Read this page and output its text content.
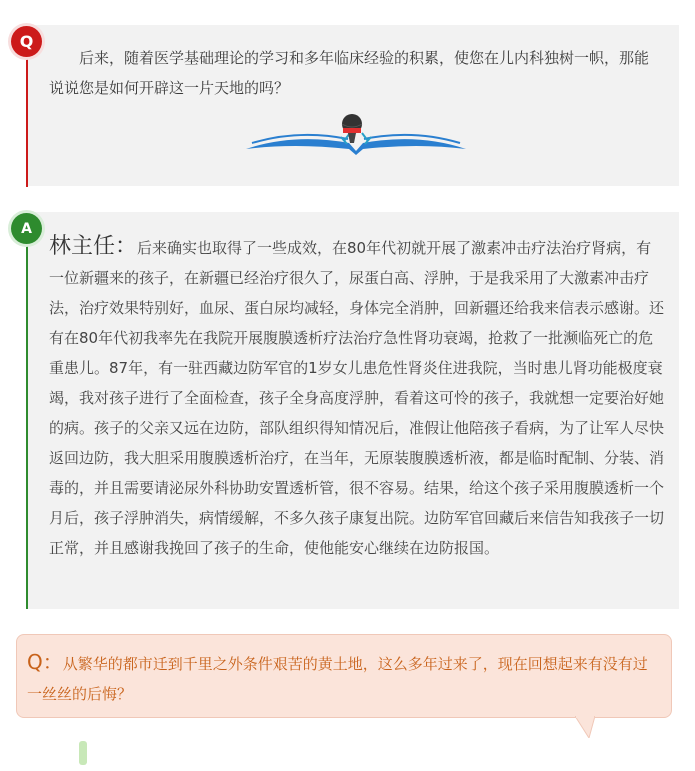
Q

后来，随着医学基础理论的学习和多年临床经验的积累，使您在儿内科独树一帜，那能说说您是如何开辟这一片天地的吗？

A

林主任：后来确实也取得了一些成效，在80年代初就开展了激素冲击疗法治疗肾病，有一位新疆来的孩子，在新疆已经治疗很久了，尿蛋白高、浮肿，于是我采用了大激素冲击疗法，治疗效果特别好，血尿、蛋白尿均减轻，身体完全消肿，回新疆还给我来信表示感谢。还有在80年代初我率先在我院开展腹膜透析疗法治疗急性肾功衰竭，抢救了一批濒临死亡的危重患儿。87年，有一驻西藏边防军官的1岁女儿患危性肾炎住进我院，当时患儿肾功能极度衰竭，我对孩子进行了全面检查，孩子全身高度浮肿，看着这可怜的孩子，我就想一定要治好她的病。孩子的父亲又远在边防，部队组织得知情况后，准假让他陪孩子看病，为了让军人尽快返回边防，我大胆采用腹膜透析治疗，在当年，无原装腹膜透析液，都是临时配制、分装、消毒的，并且需要请泌尿外科协助安置透析管，很不容易。结果，给这个孩子采用腹膜透析一个月后，孩子浮肿消失，病情缓解，不多久孩子康复出院。边防军官回藏后来信告知我孩子一切正常，并且感谢我挽回了孩子的生命，使他能安心继续在边防报国。

Q：从繁华的都市迁到千里之外条件艰苦的黄土地，这么多年过来了，现在回想起来有没有过一丝丝的后悔？
